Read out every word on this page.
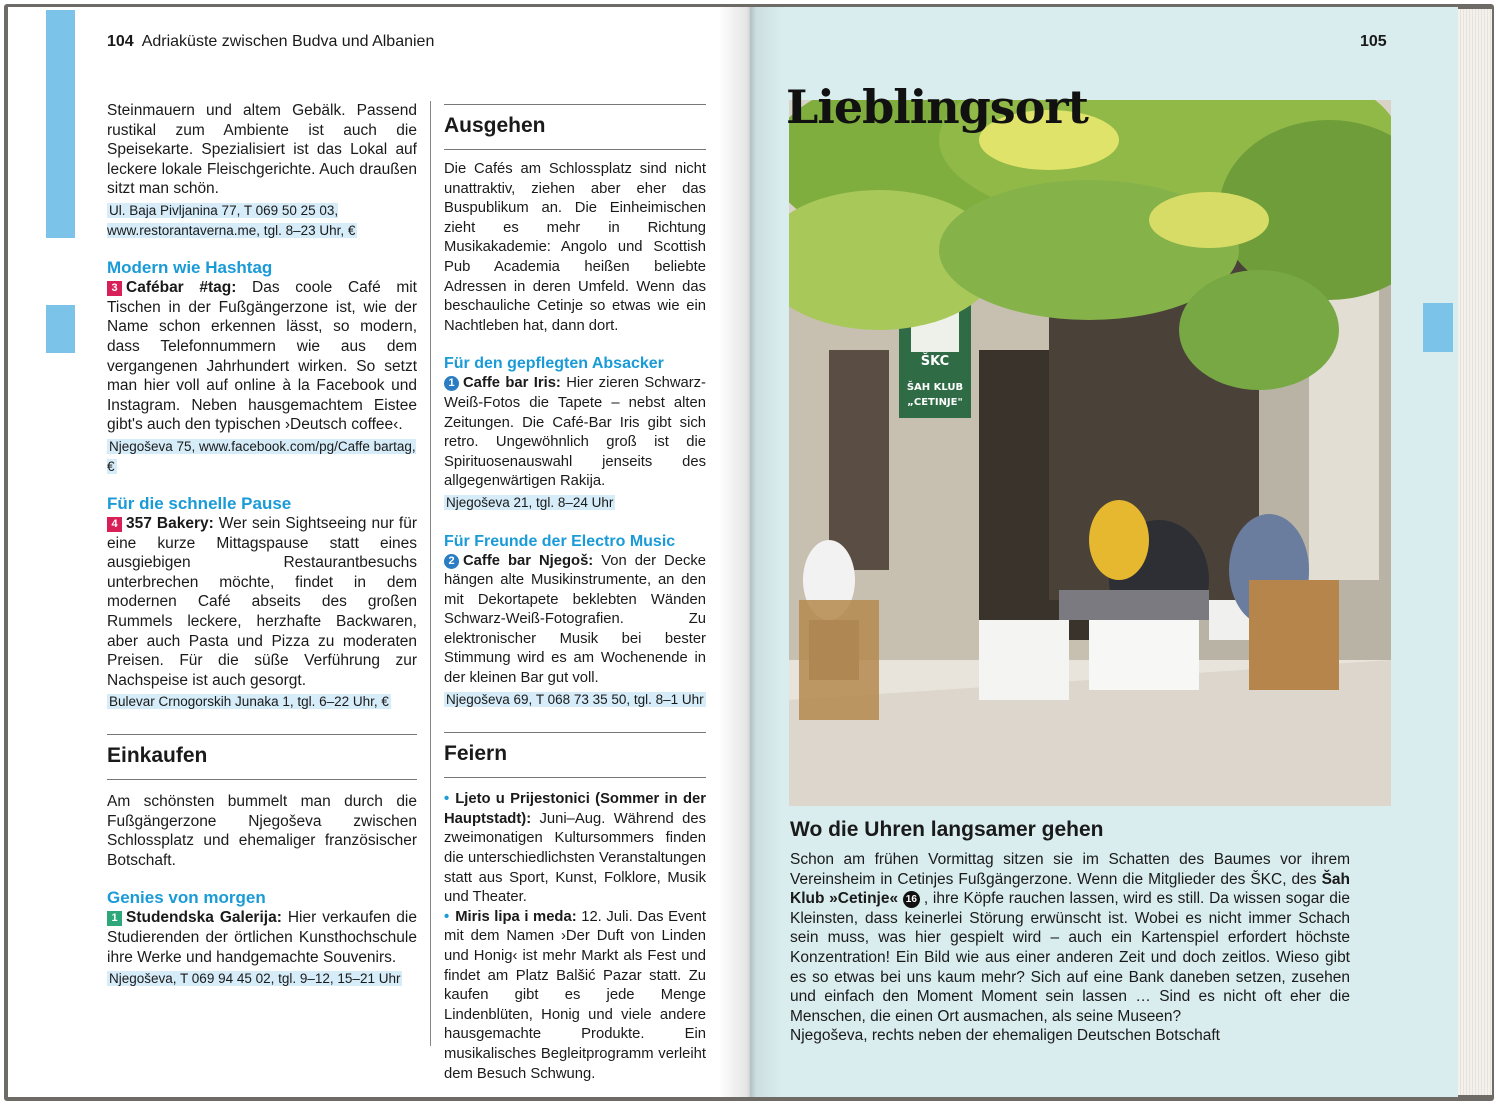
104 Adriaküste zwischen Budva und Albanien

Steinmauern und altem Gebälk. Passend rustikal zum Ambiente ist auch die Speisekarte. Spezialisiert ist das Lokal auf leckere lokale Fleischgerichte. Auch draußen sitzt man schön.

Ul. Baja Pivljanina 77, T 069 50 25 03, www.restorantaverna.me, tgl. 8–23 Uhr, €
Modern wie Hashtag

3 Cafébar #tag: Das coole Café mit Tischen in der Fußgängerzone ist, wie der Name schon erkennen lässt, so modern, dass Telefonnummern wie aus dem vergangenen Jahrhundert wirken. So setzt man hier voll auf online à la Facebook und Instagram. Neben hausgemachtem Eistee gibt's auch den typischen ›Deutsch coffee‹.

Njegoševa 75, www.facebook.com/pg/Caffe bartag, €
Für die schnelle Pause

4 357 Bakery: Wer sein Sightseeing nur für eine kurze Mittagspause statt eines ausgiebigen Restaurantbesuchs unterbrechen möchte, findet in dem modernen Café abseits des großen Rummels leckere, herzhafte Backwaren, aber auch Pasta und Pizza zu moderaten Preisen. Für die süße Verführung zur Nachspeise ist auch gesorgt.

Bulevar Crnogorskih Junaka 1, tgl. 6–22 Uhr, €
Einkaufen

Am schönsten bummelt man durch die Fußgängerzone Njegoševa zwischen Schlossplatz und ehemaliger französischer Botschaft.

Genies von morgen

1 Studendska Galerija: Hier verkaufen die Studierenden der örtlichen Kunsthochschule ihre Werke und handgemachte Souvenirs.

Njegoševa, T 069 94 45 02, tgl. 9–12, 15–21 Uhr
Ausgehen

Die Cafés am Schlossplatz sind nicht unattraktiv, ziehen aber eher das Buspublikum an. Die Einheimischen zieht es mehr in Richtung Musikakademie: Angolo und Scottish Pub Academia heißen beliebte Adressen in deren Umfeld. Wenn das beschauliche Cetinje so etwas wie ein Nachtleben hat, dann dort.

Für den gepflegten Absacker

1 Caffe bar Iris: Hier zieren Schwarz-Weiß-Fotos die Tapete – nebst alten Zeitungen. Die Café-Bar Iris gibt sich retro. Ungewöhnlich groß ist die Spirituosenauswahl jenseits des allgegenwärtigen Rakija.

Njegoševa 21, tgl. 8–24 Uhr
Für Freunde der Electro Music

2 Caffe bar Njegoš: Von der Decke hängen alte Musikinstrumente, an den mit Dekortapete beklebten Wänden Schwarz-Weiß-Fotografien. Zu elektronischer Musik bei bester Stimmung wird es am Wochenende in der kleinen Bar gut voll.

Njegoševa 69, T 068 73 35 50, tgl. 8–1 Uhr
Feiern

• Ljeto u Prijestonici (Sommer in der Hauptstadt): Juni–Aug. Während des zweimonatigen Kultursommers finden die unterschiedlichsten Veranstaltungen statt aus Sport, Kunst, Folklore, Musik und Theater.

• Miris lipa i meda: 12. Juli. Das Event mit dem Namen ›Der Duft von Linden und Honig‹ ist mehr Markt als Fest und findet am Platz Balšić Pazar statt. Zu kaufen gibt es jede Menge Lindenblüten, Honig und viele andere hausgemachte Produkte. Ein musikalisches Begleitprogramm verleiht dem Besuch Schwung.

105
ŠKC
ŠAH KLUB
„CETINJE"
Lieblingsort
Wo die Uhren langsamer gehen

Schon am frühen Vormittag sitzen sie im Schatten des Baumes vor ihrem Vereinsheim in Cetinjes Fußgängerzone. Wenn die Mitglieder des ŠKC, des Šah Klub »Cetinje« 16 , ihre Köpfe rauchen lassen, wird es still. Da wissen sogar die Kleinsten, dass keinerlei Störung erwünscht ist. Wobei es nicht immer Schach sein muss, was hier gespielt wird – auch ein Kartenspiel erfordert höchste Konzentration! Ein Bild wie aus einer anderen Zeit und doch zeitlos. Wieso gibt es so etwas bei uns kaum mehr? Sich auf eine Bank daneben setzen, zusehen und einfach den Moment Moment sein lassen … Sind es nicht oft eher die Menschen, die einen Ort ausmachen, als seine Museen?

Njegoševa, rechts neben der ehemaligen Deutschen Botschaft
